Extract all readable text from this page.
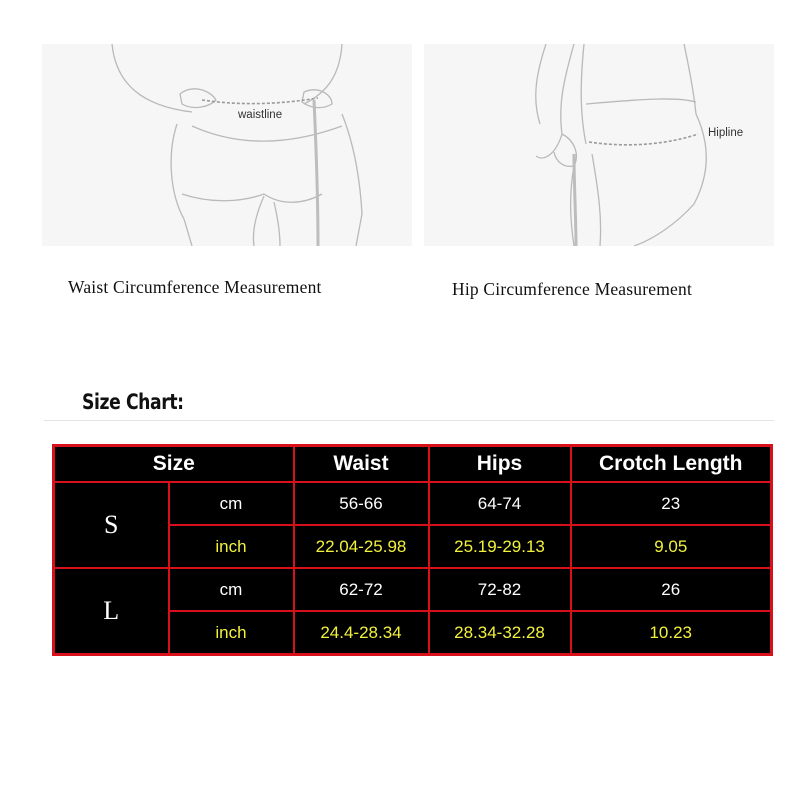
waistline
Hipline
Waist Circumference Measurement	Hip Circumference Measurement
Size Chart:
Size		Waist	Hips	Crotch Length
S	cm	56-66	64-74	23
	inch	22.04-25.98	25.19-29.13	9.05
L	cm	62-72	72-82	26
	inch	24.4-28.34	28.34-32.28	10.23
